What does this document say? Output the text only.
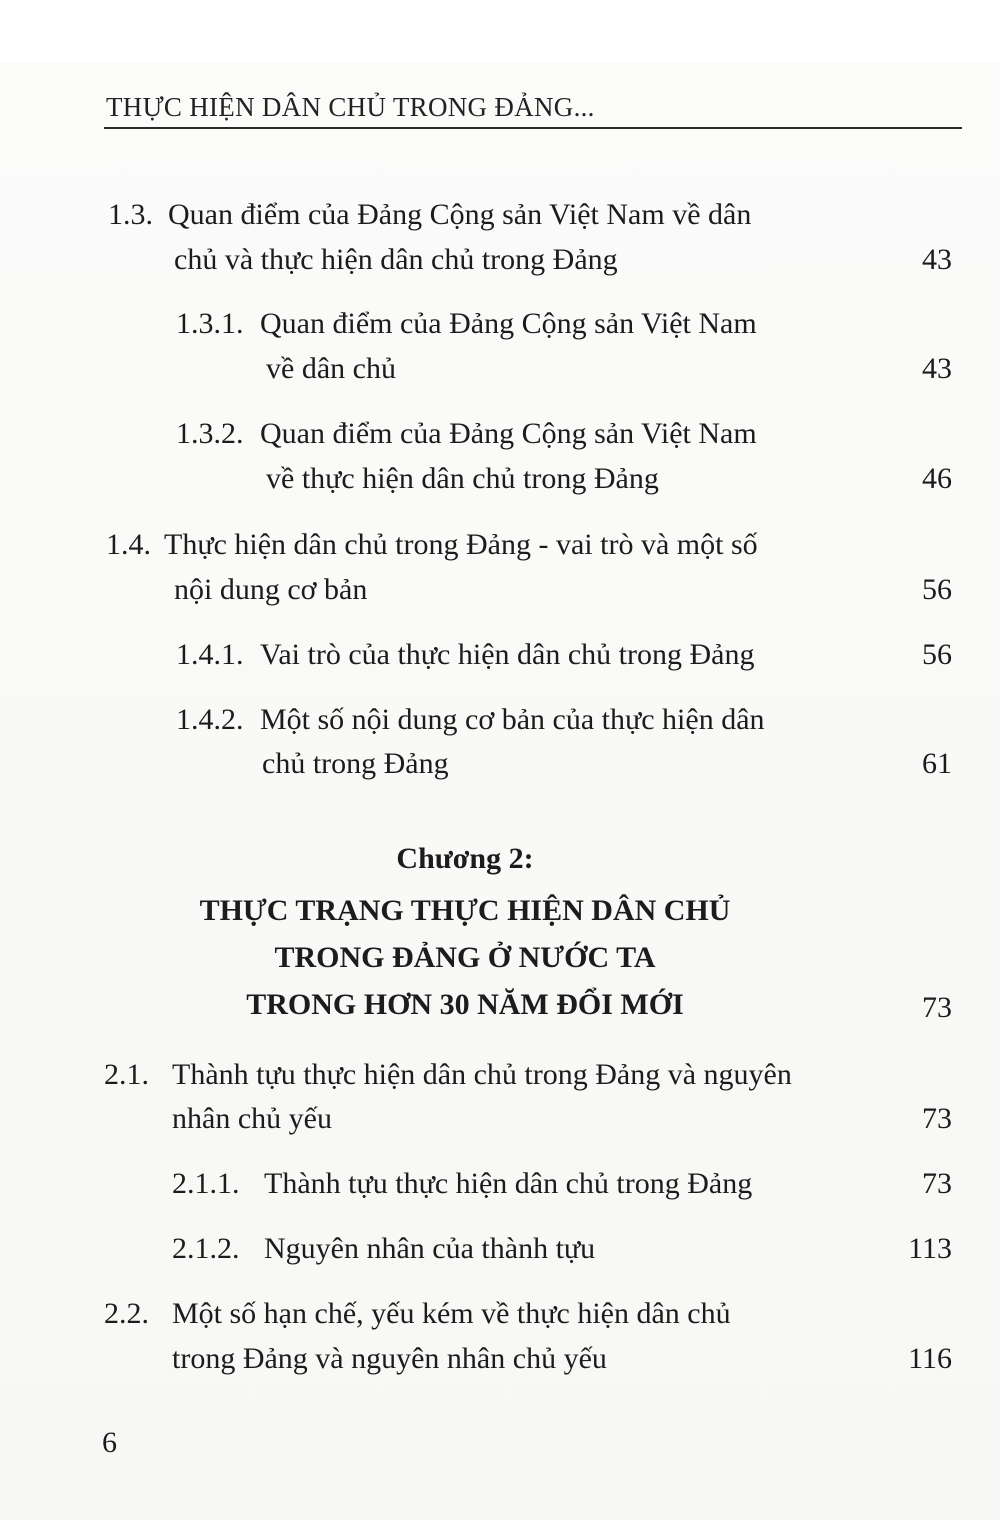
THỰC HIỆN DÂN CHỦ TRONG ĐẢNG...
1.3. Quan điểm của Đảng Cộng sản Việt Nam về dân
chủ và thực hiện dân chủ trong Đảng	43
1.3.1. Quan điểm của Đảng Cộng sản Việt Nam
về dân chủ	43
1.3.2. Quan điểm của Đảng Cộng sản Việt Nam
về thực hiện dân chủ trong Đảng	46
1.4. Thực hiện dân chủ trong Đảng - vai trò và một số
nội dung cơ bản	56
1.4.1. Vai trò của thực hiện dân chủ trong Đảng	56
1.4.2. Một số nội dung cơ bản của thực hiện dân
chủ trong Đảng	61
Chương 2:
THỰC TRẠNG THỰC HIỆN DÂN CHỦ
TRONG ĐẢNG Ở NƯỚC TA
TRONG HƠN 30 NĂM ĐỔI MỚI	73
2.1. Thành tựu thực hiện dân chủ trong Đảng và nguyên
nhân chủ yếu	73
2.1.1. Thành tựu thực hiện dân chủ trong Đảng	73
2.1.2. Nguyên nhân của thành tựu	113
2.2. Một số hạn chế, yếu kém về thực hiện dân chủ
trong Đảng và nguyên nhân chủ yếu	116
6
